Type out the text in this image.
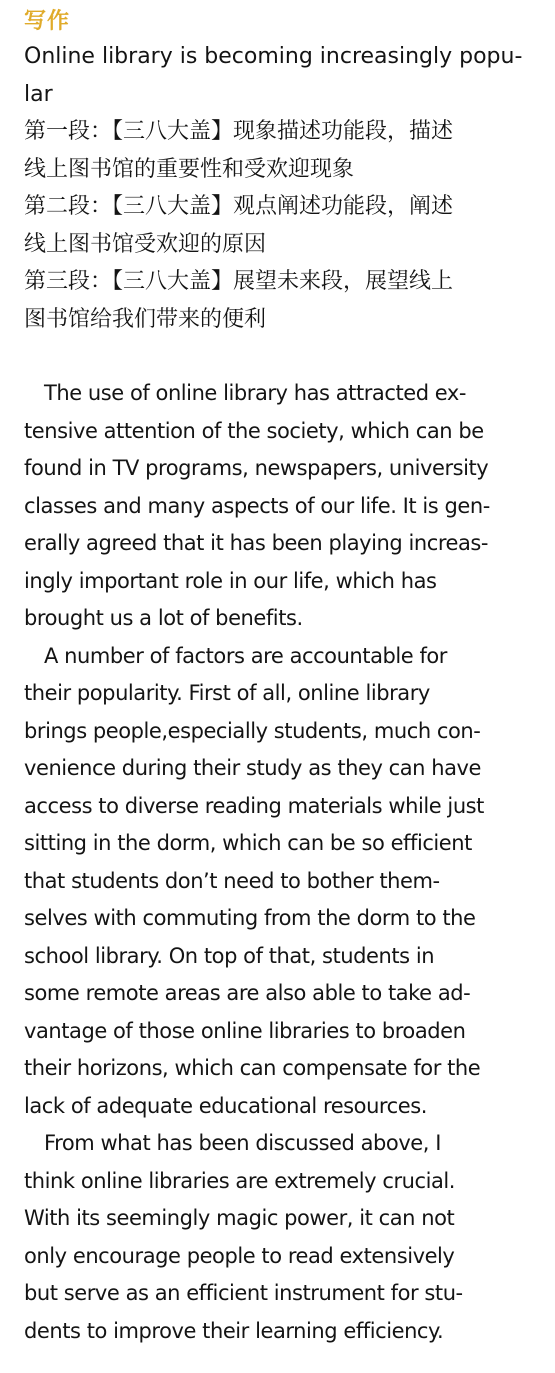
写作
Online library is becoming increasingly popu-
lar
第一段：【三八大盖】现象描述功能段，描述
线上图书馆的重要性和受欢迎现象
第二段：【三八大盖】观点阐述功能段，阐述
线上图书馆受欢迎的原因
第三段：【三八大盖】展望未来段，展望线上
图书馆给我们带来的便利
The use of online library has attracted ex-
tensive attention of the society, which can be
found in TV programs, newspapers, university
classes and many aspects of our life. It is gen-
erally agreed that it has been playing increas-
ingly important role in our life, which has
brought us a lot of benefits.
A number of factors are accountable for
their popularity. First of all, online library
brings people,especially students, much con-
venience during their study as they can have
access to diverse reading materials while just
sitting in the dorm, which can be so efficient
that students don’t need to bother them-
selves with commuting from the dorm to the
school library. On top of that, students in
some remote areas are also able to take ad-
vantage of those online libraries to broaden
their horizons, which can compensate for the
lack of adequate educational resources.
From what has been discussed above, I
think online libraries are extremely crucial.
With its seemingly magic power, it can not
only encourage people to read extensively
but serve as an efficient instrument for stu-
dents to improve their learning efficiency.
